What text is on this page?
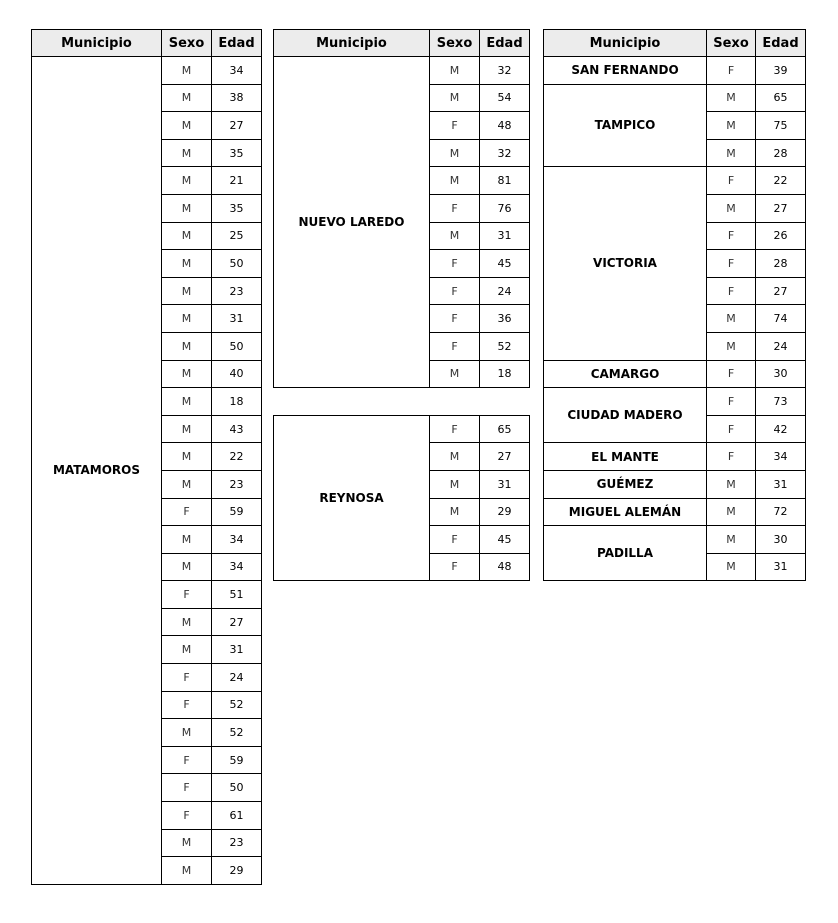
Municipio	Sexo	Edad
MATAMOROS	M	34
	M	38
	M	27
	M	35
	M	21
	M	35
	M	25
	M	50
	M	23
	M	31
	M	50
	M	40
	M	18
	M	43
	M	22
	M	23
	F	59
	M	34
	M	34
	F	51
	M	27
	M	31
	F	24
	F	52
	M	52
	F	59
	F	50
	F	61
	M	23
	M	29
Municipio	Sexo	Edad
NUEVO LAREDO	M	32
	M	54
	F	48
	M	32
	M	81
	F	76
	M	31
	F	45
	F	24
	F	36
	F	52
	M	18

REYNOSA	F	65
	M	27
	M	31
	M	29
	F	45
	F	48
Municipio	Sexo	Edad
SAN FERNANDO	F	39
TAMPICO	M	65
	M	75
	M	28
VICTORIA	F	22
	M	27
	F	26
	F	28
	F	27
	M	74
	M	24
CAMARGO	F	30
CIUDAD MADERO	F	73
	F	42
EL MANTE	F	34
GUÉMEZ	M	31
MIGUEL ALEMÁN	M	72
PADILLA	M	30
	M	31
